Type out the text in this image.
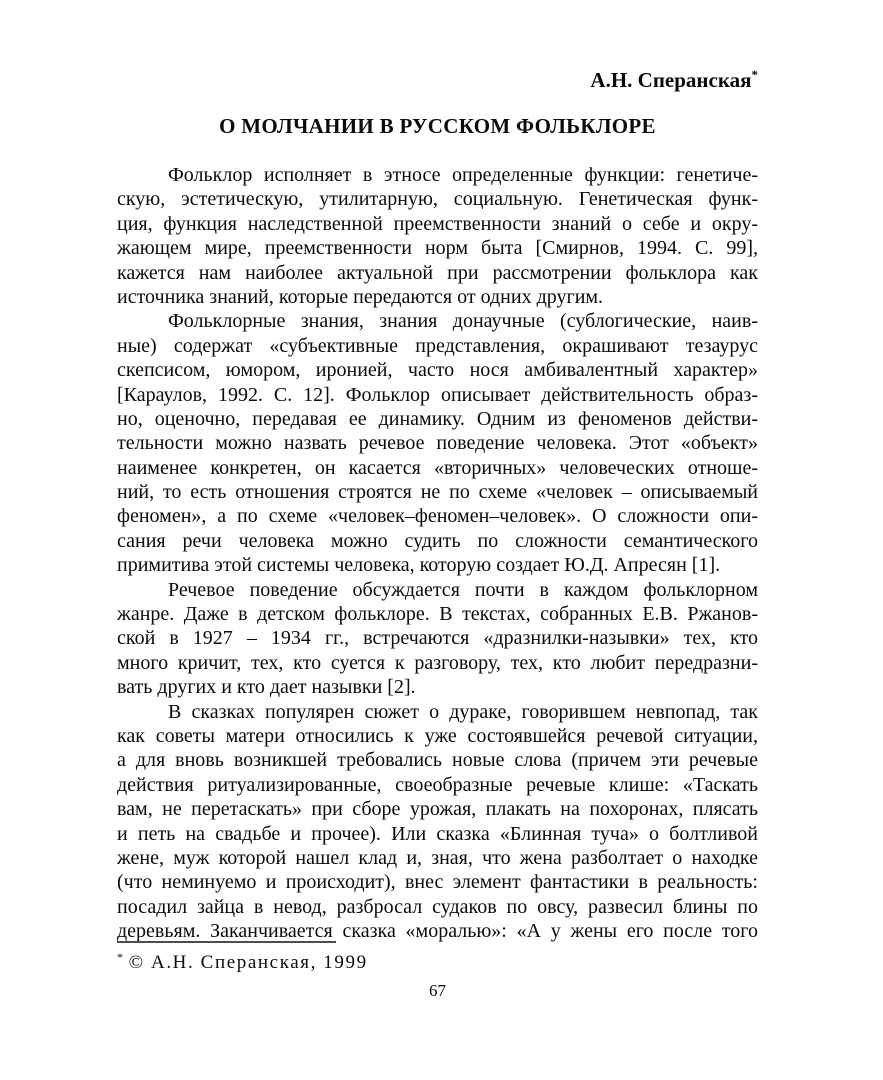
А.Н. Сперанская*
О МОЛЧАНИИ В РУССКОМ ФОЛЬКЛОРЕ
Фольклор исполняет в этносе определенные функции: генетиче-
скую, эстетическую, утилитарную, социальную. Генетическая функ-
ция, функция наследственной преемственности знаний о себе и окру-
жающем мире, преемственности норм быта [Смирнов, 1994. С. 99],
кажется нам наиболее актуальной при рассмотрении фольклора как
источника знаний, которые передаются от одних другим.
Фольклорные знания, знания донаучные (сублогические, наив-
ные) содержат «субъективные представления, окрашивают тезаурус
скепсисом, юмором, иронией, часто нося амбивалентный характер»
[Караулов, 1992. С. 12]. Фольклор описывает действительность образ-
но, оценочно, передавая ее динамику. Одним из феноменов действи-
тельности можно назвать речевое поведение человека. Этот «объект»
наименее конкретен, он касается «вторичных» человеческих отноше-
ний, то есть отношения строятся не по схеме «человек – описываемый
феномен», а по схеме «человек–феномен–человек». О сложности опи-
сания речи человека можно судить по сложности семантического
примитива этой системы человека, которую создает Ю.Д. Апресян [1].
Речевое поведение обсуждается почти в каждом фольклорном
жанре. Даже в детском фольклоре. В текстах, собранных Е.В. Ржанов-
ской в 1927 – 1934 гг., встречаются «дразнилки-назывки» тех, кто
много кричит, тех, кто суется к разговору, тех, кто любит передразни-
вать других и кто дает назывки [2].
В сказках популярен сюжет о дураке, говорившем невпопад, так
как советы матери относились к уже состоявшейся речевой ситуации,
а для вновь возникшей требовались новые слова (причем эти речевые
действия ритуализированные, своеобразные речевые клише: «Таскать
вам, не перетаскать» при сборе урожая, плакать на похоронах, плясать
и петь на свадьбе и прочее). Или сказка «Блинная туча» о болтливой
жене, муж которой нашел клад и, зная, что жена разболтает о находке
(что неминуемо и происходит), внес элемент фантастики в реальность:
посадил зайца в невод, разбросал судаков по овсу, развесил блины по
деревьям. Заканчивается сказка «моралью»: «А у жены его после того
* © А.Н. Сперанская, 1999
67
